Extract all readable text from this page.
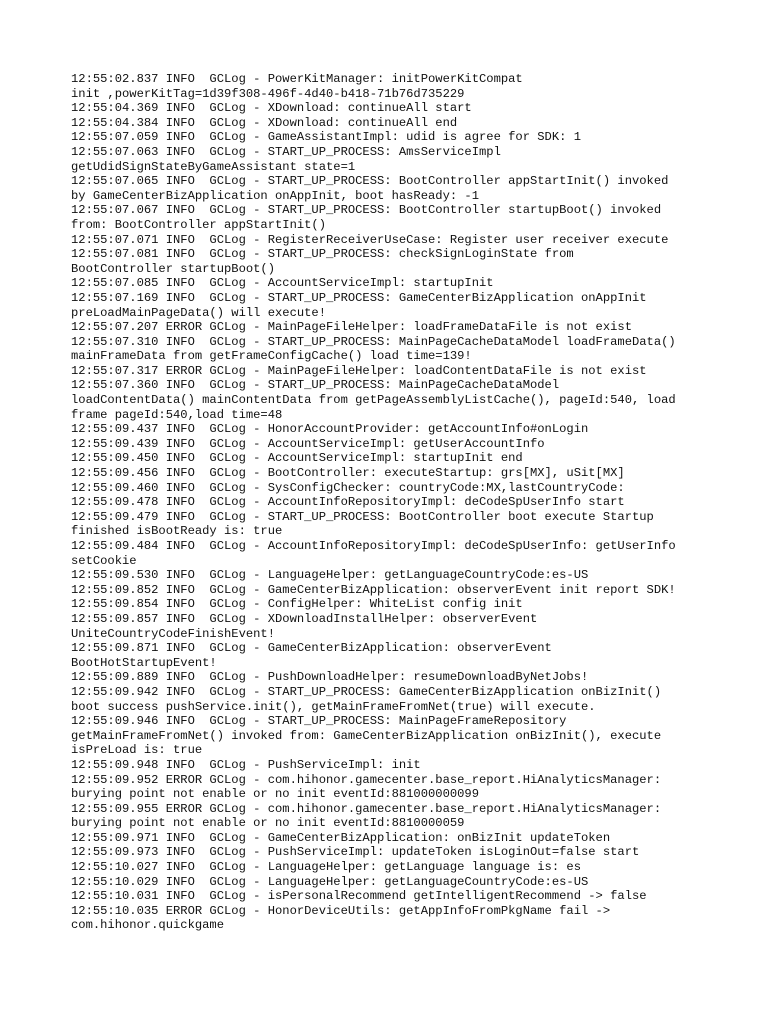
12:55:02.837 INFO  GCLog - PowerKitManager: initPowerKitCompat
init ,powerKitTag=1d39f308-496f-4d40-b418-71b76d735229
12:55:04.369 INFO  GCLog - XDownload: continueAll start
12:55:04.384 INFO  GCLog - XDownload: continueAll end
12:55:07.059 INFO  GCLog - GameAssistantImpl: udid is agree for SDK: 1
12:55:07.063 INFO  GCLog - START_UP_PROCESS: AmsServiceImpl
getUdidSignStateByGameAssistant state=1
12:55:07.065 INFO  GCLog - START_UP_PROCESS: BootController appStartInit() invoked
by GameCenterBizApplication onAppInit, boot hasReady: -1
12:55:07.067 INFO  GCLog - START_UP_PROCESS: BootController startupBoot() invoked
from: BootController appStartInit()
12:55:07.071 INFO  GCLog - RegisterReceiverUseCase: Register user receiver execute
12:55:07.081 INFO  GCLog - START_UP_PROCESS: checkSignLoginState from
BootController startupBoot()
12:55:07.085 INFO  GCLog - AccountServiceImpl: startupInit
12:55:07.169 INFO  GCLog - START_UP_PROCESS: GameCenterBizApplication onAppInit
preLoadMainPageData() will execute!
12:55:07.207 ERROR GCLog - MainPageFileHelper: loadFrameDataFile is not exist
12:55:07.310 INFO  GCLog - START_UP_PROCESS: MainPageCacheDataModel loadFrameData()
mainFrameData from getFrameConfigCache() load time=139!
12:55:07.317 ERROR GCLog - MainPageFileHelper: loadContentDataFile is not exist
12:55:07.360 INFO  GCLog - START_UP_PROCESS: MainPageCacheDataModel
loadContentData() mainContentData from getPageAssemblyListCache(), pageId:540, load
frame pageId:540,load time=48
12:55:09.437 INFO  GCLog - HonorAccountProvider: getAccountInfo#onLogin
12:55:09.439 INFO  GCLog - AccountServiceImpl: getUserAccountInfo
12:55:09.450 INFO  GCLog - AccountServiceImpl: startupInit end
12:55:09.456 INFO  GCLog - BootController: executeStartup: grs[MX], uSit[MX]
12:55:09.460 INFO  GCLog - SysConfigChecker: countryCode:MX,lastCountryCode:
12:55:09.478 INFO  GCLog - AccountInfoRepositoryImpl: deCodeSpUserInfo start
12:55:09.479 INFO  GCLog - START_UP_PROCESS: BootController boot execute Startup
finished isBootReady is: true
12:55:09.484 INFO  GCLog - AccountInfoRepositoryImpl: deCodeSpUserInfo: getUserInfo
setCookie
12:55:09.530 INFO  GCLog - LanguageHelper: getLanguageCountryCode:es-US
12:55:09.852 INFO  GCLog - GameCenterBizApplication: observerEvent init report SDK!
12:55:09.854 INFO  GCLog - ConfigHelper: WhiteList config init
12:55:09.857 INFO  GCLog - XDownloadInstallHelper: observerEvent
UniteCountryCodeFinishEvent!
12:55:09.871 INFO  GCLog - GameCenterBizApplication: observerEvent
BootHotStartupEvent!
12:55:09.889 INFO  GCLog - PushDownloadHelper: resumeDownloadByNetJobs!
12:55:09.942 INFO  GCLog - START_UP_PROCESS: GameCenterBizApplication onBizInit()
boot success pushService.init(), getMainFrameFromNet(true) will execute.
12:55:09.946 INFO  GCLog - START_UP_PROCESS: MainPageFrameRepository
getMainFrameFromNet() invoked from: GameCenterBizApplication onBizInit(), execute
isPreLoad is: true
12:55:09.948 INFO  GCLog - PushServiceImpl: init
12:55:09.952 ERROR GCLog - com.hihonor.gamecenter.base_report.HiAnalyticsManager:
burying point not enable or no init eventId:881000000099
12:55:09.955 ERROR GCLog - com.hihonor.gamecenter.base_report.HiAnalyticsManager:
burying point not enable or no init eventId:8810000059
12:55:09.971 INFO  GCLog - GameCenterBizApplication: onBizInit updateToken
12:55:09.973 INFO  GCLog - PushServiceImpl: updateToken isLoginOut=false start
12:55:10.027 INFO  GCLog - LanguageHelper: getLanguage language is: es
12:55:10.029 INFO  GCLog - LanguageHelper: getLanguageCountryCode:es-US
12:55:10.031 INFO  GCLog - isPersonalRecommend getIntelligentRecommend -> false
12:55:10.035 ERROR GCLog - HonorDeviceUtils: getAppInfoFromPkgName fail ->
com.hihonor.quickgame
